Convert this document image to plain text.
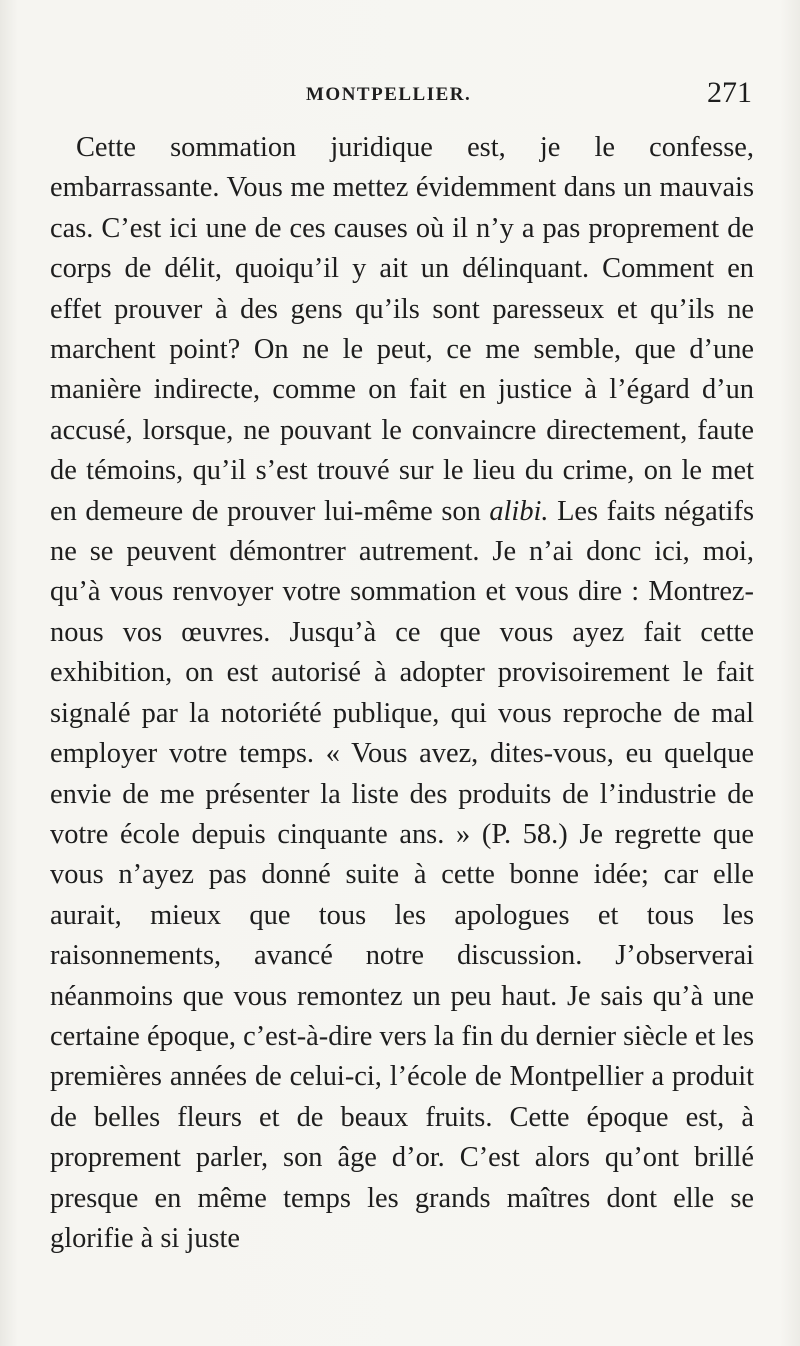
MONTPELLIER.	271

Cette sommation juridique est, je le confesse, embarrassante. Vous me mettez évidemment dans un mauvais cas. C’est ici une de ces causes où il n’y a pas proprement de corps de délit, quoiqu’il y ait un délinquant. Comment en effet prouver à des gens qu’ils sont paresseux et qu’ils ne marchent point? On ne le peut, ce me semble, que d’une manière indirecte, comme on fait en justice à l’égard d’un accusé, lorsque, ne pouvant le convaincre directement, faute de témoins, qu’il s’est trouvé sur le lieu du crime, on le met en demeure de prouver lui-même son alibi. Les faits négatifs ne se peuvent démontrer autrement. Je n’ai donc ici, moi, qu’à vous renvoyer votre sommation et vous dire : Montrez-nous vos œuvres. Jusqu’à ce que vous ayez fait cette exhibition, on est autorisé à adopter provisoirement le fait signalé par la notoriété publique, qui vous reproche de mal employer votre temps. « Vous avez, dites-vous, eu quelque envie de me présenter la liste des produits de l’industrie de votre école depuis cinquante ans. » (P. 58.) Je regrette que vous n’ayez pas donné suite à cette bonne idée; car elle aurait, mieux que tous les apologues et tous les raisonnements, avancé notre discussion. J’observerai néanmoins que vous remontez un peu haut. Je sais qu’à une certaine époque, c’est-à-dire vers la fin du dernier siècle et les premières années de celui-ci, l’école de Montpellier a produit de belles fleurs et de beaux fruits. Cette époque est, à proprement parler, son âge d’or. C’est alors qu’ont brillé presque en même temps les grands maîtres dont elle se glorifie à si juste
